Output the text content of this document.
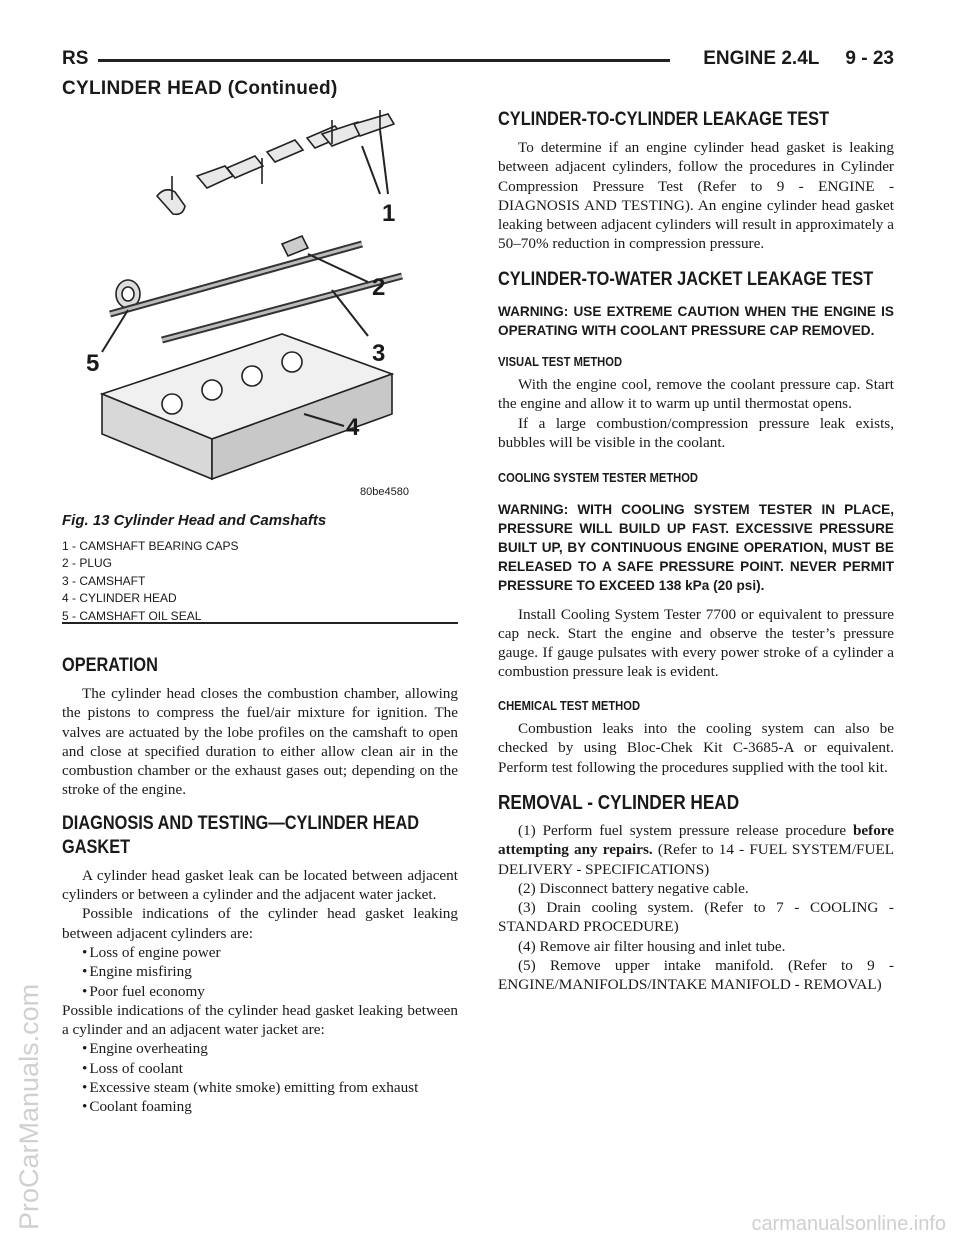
ProCarManuals.com	carmanualsonline.info
RS	ENGINE 2.4L     9 - 23
CYLINDER HEAD (Continued)
1
2
3
4
5
80be4580
Fig. 13 Cylinder Head and Camshafts
1 - CAMSHAFT BEARING CAPS
2 - PLUG
3 - CAMSHAFT
4 - CYLINDER HEAD
5 - CAMSHAFT OIL SEAL
OPERATION

The cylinder head closes the combustion chamber, allowing the pistons to compress the fuel/air mixture for ignition. The valves are actuated by the lobe profiles on the camshaft to open and close at specified duration to either allow clean air in the combustion chamber or the exhaust gases out; depending on the stroke of the engine.

DIAGNOSIS AND TESTING—CYLINDER HEAD
GASKET

A cylinder head gasket leak can be located between adjacent cylinders or between a cylinder and the adjacent water jacket.

Possible indications of the cylinder head gasket leaking between adjacent cylinders are:

• Loss of engine power

• Engine misfiring

• Poor fuel economy

Possible indications of the cylinder head gasket leaking between a cylinder and an adjacent water jacket are:

• Engine overheating

• Loss of coolant

• Excessive steam (white smoke) emitting from exhaust

• Coolant foaming

CYLINDER-TO-CYLINDER LEAKAGE TEST

To determine if an engine cylinder head gasket is leaking between adjacent cylinders, follow the procedures in Cylinder Compression Pressure Test (Refer to 9 - ENGINE - DIAGNOSIS AND TESTING). An engine cylinder head gasket leaking between adjacent cylinders will result in approximately a 50–70% reduction in compression pressure.

CYLINDER-TO-WATER JACKET LEAKAGE TEST
WARNING: USE EXTREME CAUTION WHEN THE ENGINE IS OPERATING WITH COOLANT PRESSURE CAP REMOVED.
VISUAL TEST METHOD

With the engine cool, remove the coolant pressure cap. Start the engine and allow it to warm up until thermostat opens.

If a large combustion/compression pressure leak exists, bubbles will be visible in the coolant.

COOLING SYSTEM TESTER METHOD
WARNING: WITH COOLING SYSTEM TESTER IN PLACE, PRESSURE WILL BUILD UP FAST. EXCESSIVE PRESSURE BUILT UP, BY CONTINUOUS ENGINE OPERATION, MUST BE RELEASED TO A SAFE PRESSURE POINT. NEVER PERMIT PRESSURE TO EXCEED 138 kPa (20 psi).

Install Cooling System Tester 7700 or equivalent to pressure cap neck. Start the engine and observe the tester’s pressure gauge. If gauge pulsates with every power stroke of a cylinder a combustion pressure leak is evident.

CHEMICAL TEST METHOD

Combustion leaks into the cooling system can also be checked by using Bloc-Chek Kit C-3685-A or equivalent. Perform test following the procedures supplied with the tool kit.

REMOVAL - CYLINDER HEAD

(1) Perform fuel system pressure release procedure before attempting any repairs. (Refer to 14 - FUEL SYSTEM/FUEL DELIVERY - SPECIFICATIONS)

(2) Disconnect battery negative cable.

(3) Drain cooling system. (Refer to 7 - COOLING - STANDARD PROCEDURE)

(4) Remove air filter housing and inlet tube.

(5) Remove upper intake manifold. (Refer to 9 - ENGINE/MANIFOLDS/INTAKE MANIFOLD - REMOVAL)
